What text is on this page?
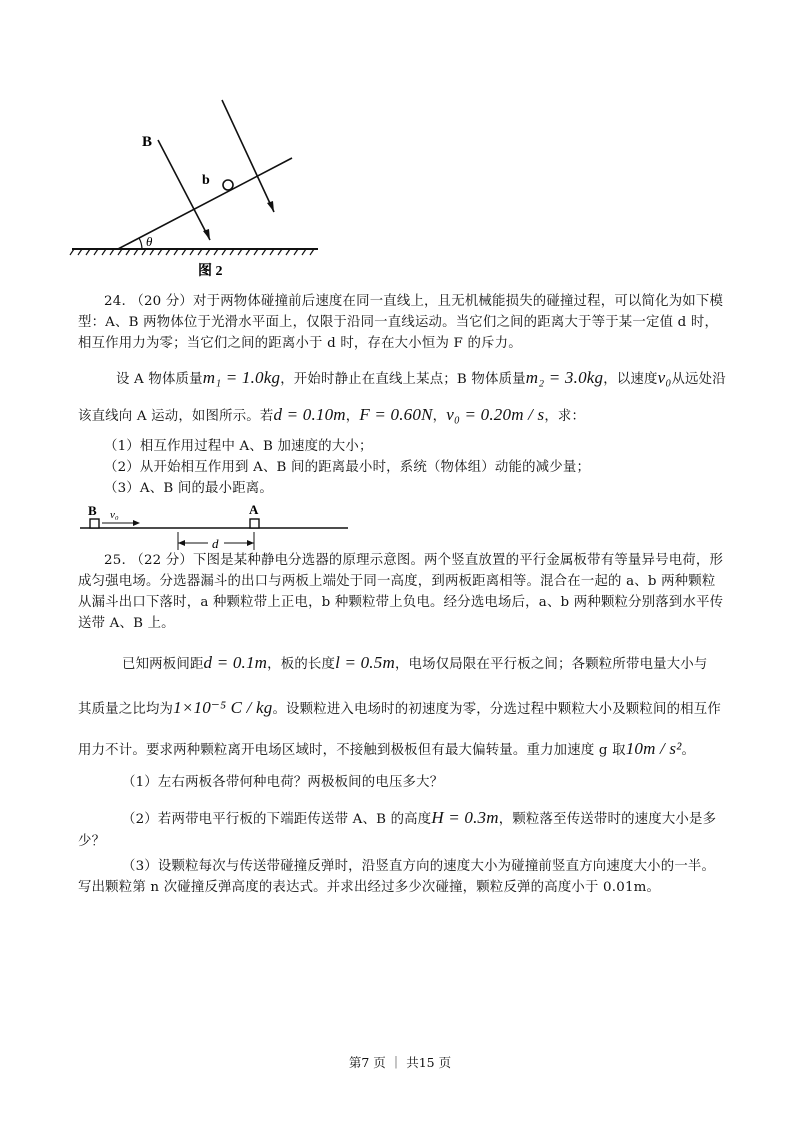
B
b
θ
图 2
24. （20 分）对于两物体碰撞前后速度在同一直线上，且无机械能损失的碰撞过程，可以简化为如下模
型：A、B 两物体位于光滑水平面上，仅限于沿同一直线运动。当它们之间的距离大于等于某一定值 d 时，
相互作用力为零；当它们之间的距离小于 d 时，存在大小恒为 F 的斥力。
设 A 物体质量m₁ = 1.0kg，开始时静止在直线上某点；B 物体质量m₂ = 3.0kg，以速度v₀从远处沿
该直线向 A 运动，如图所示。若d = 0.10m，F = 0.60N，v₀ = 0.20m / s，求：
（1）相互作用过程中 A、B 加速度的大小；
（2）从开始相互作用到 A、B 间的距离最小时，系统（物体组）动能的减少量；
（3）A、B 间的最小距离。
B v₀	A
d
25. （22 分）下图是某种静电分选器的原理示意图。两个竖直放置的平行金属板带有等量异号电荷，形
成匀强电场。分选器漏斗的出口与两板上端处于同一高度，到两板距离相等。混合在一起的 a、b 两种颗粒
从漏斗出口下落时，a 种颗粒带上正电，b 种颗粒带上负电。经分选电场后，a、b 两种颗粒分别落到水平传
送带 A、B 上。
已知两板间距d = 0.1m，板的长度l = 0.5m，电场仅局限在平行板之间；各颗粒所带电量大小与
其质量之比均为1×10⁻⁵ C / kg。设颗粒进入电场时的初速度为零，分选过程中颗粒大小及颗粒间的相互作
用力不计。要求两种颗粒离开电场区域时，不接触到极板但有最大偏转量。重力加速度 g 取10m / s²。
（1）左右两板各带何种电荷？两极板间的电压多大？
（2）若两带电平行板的下端距传送带 A、B 的高度H = 0.3m，颗粒落至传送带时的速度大小是多
少？
（3）设颗粒每次与传送带碰撞反弹时，沿竖直方向的速度大小为碰撞前竖直方向速度大小的一半。
写出颗粒第 n 次碰撞反弹高度的表达式。并求出经过多少次碰撞，颗粒反弹的高度小于 0.01m。
第7 页 ｜ 共15 页
